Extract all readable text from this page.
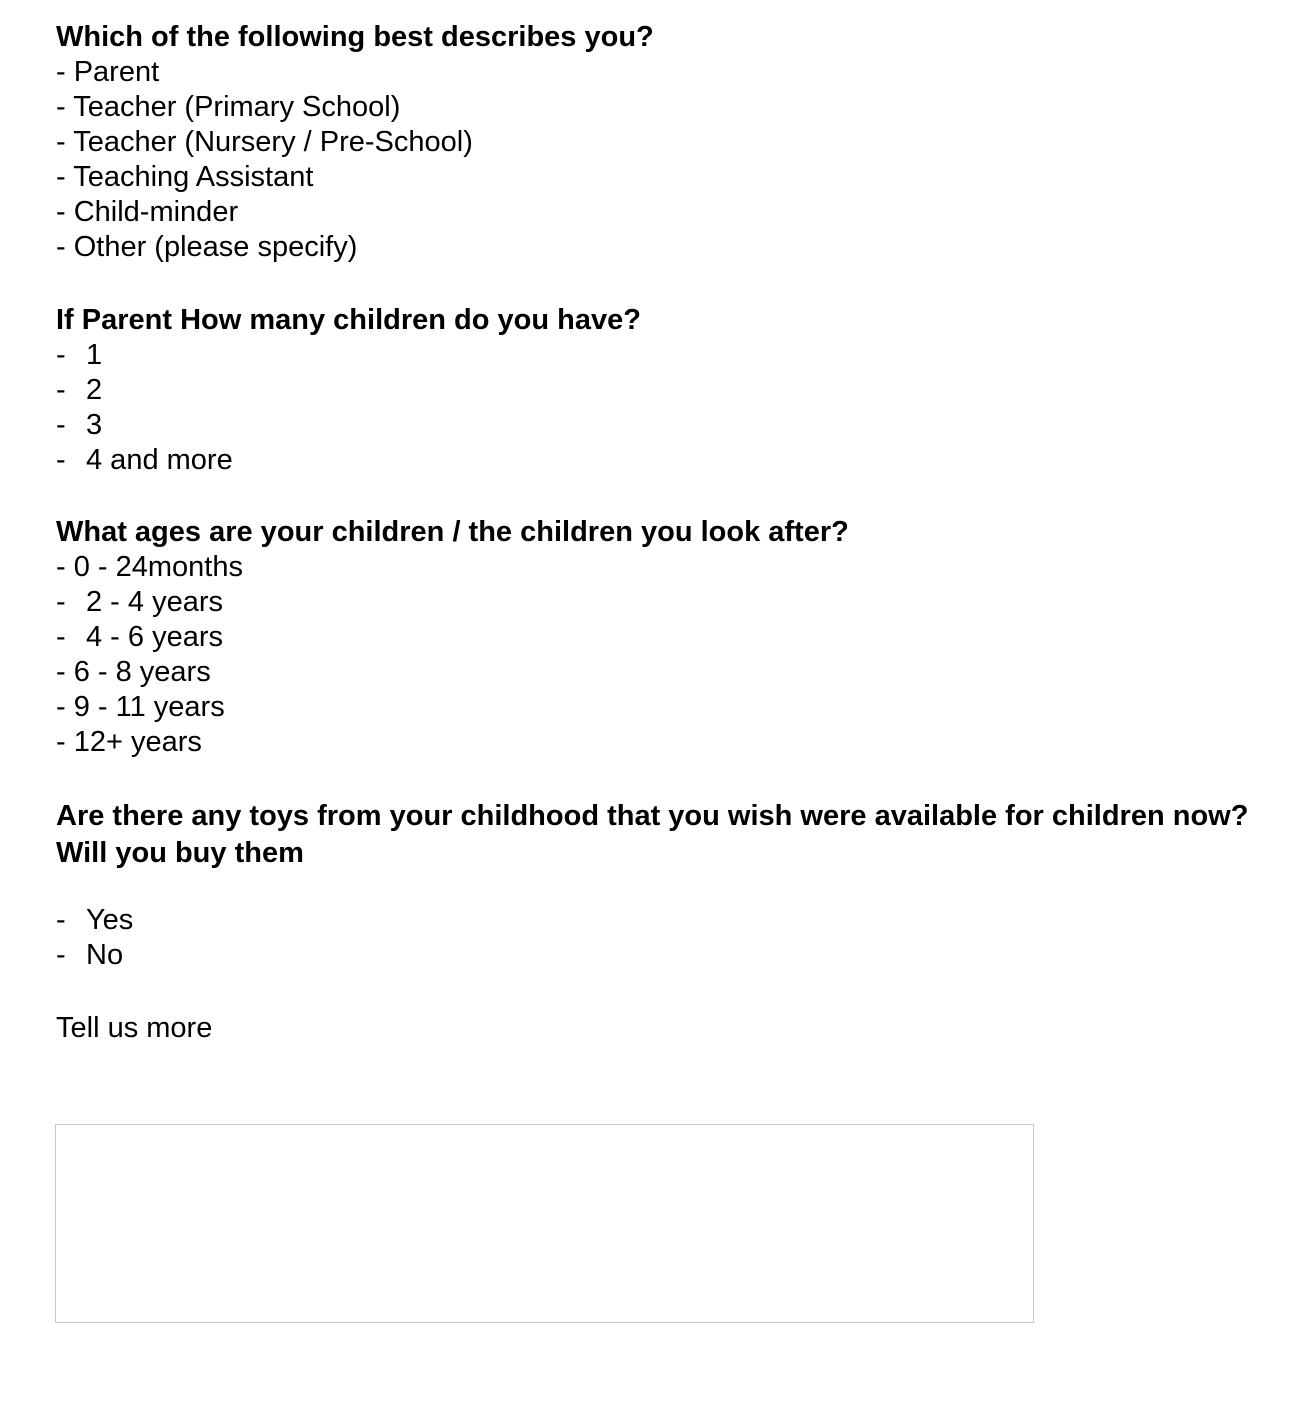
Which of the following best describes you?

- Parent
- Teacher (Primary School)
- Teacher (Nursery / Pre-School)
- Teaching Assistant
- Child-minder
- Other (please specify)

If Parent How many children do you have?

- 1
- 2
- 3
- 4 and more

What ages are your children / the children you look after?

- 0 - 24months
- 2 - 4 years
- 4 - 6 years
- 6 - 8 years
- 9 - 11 years
- 12+ years

Are there any toys from your childhood that you wish were available for children now? Will you buy them

- Yes
- No

Tell us more
